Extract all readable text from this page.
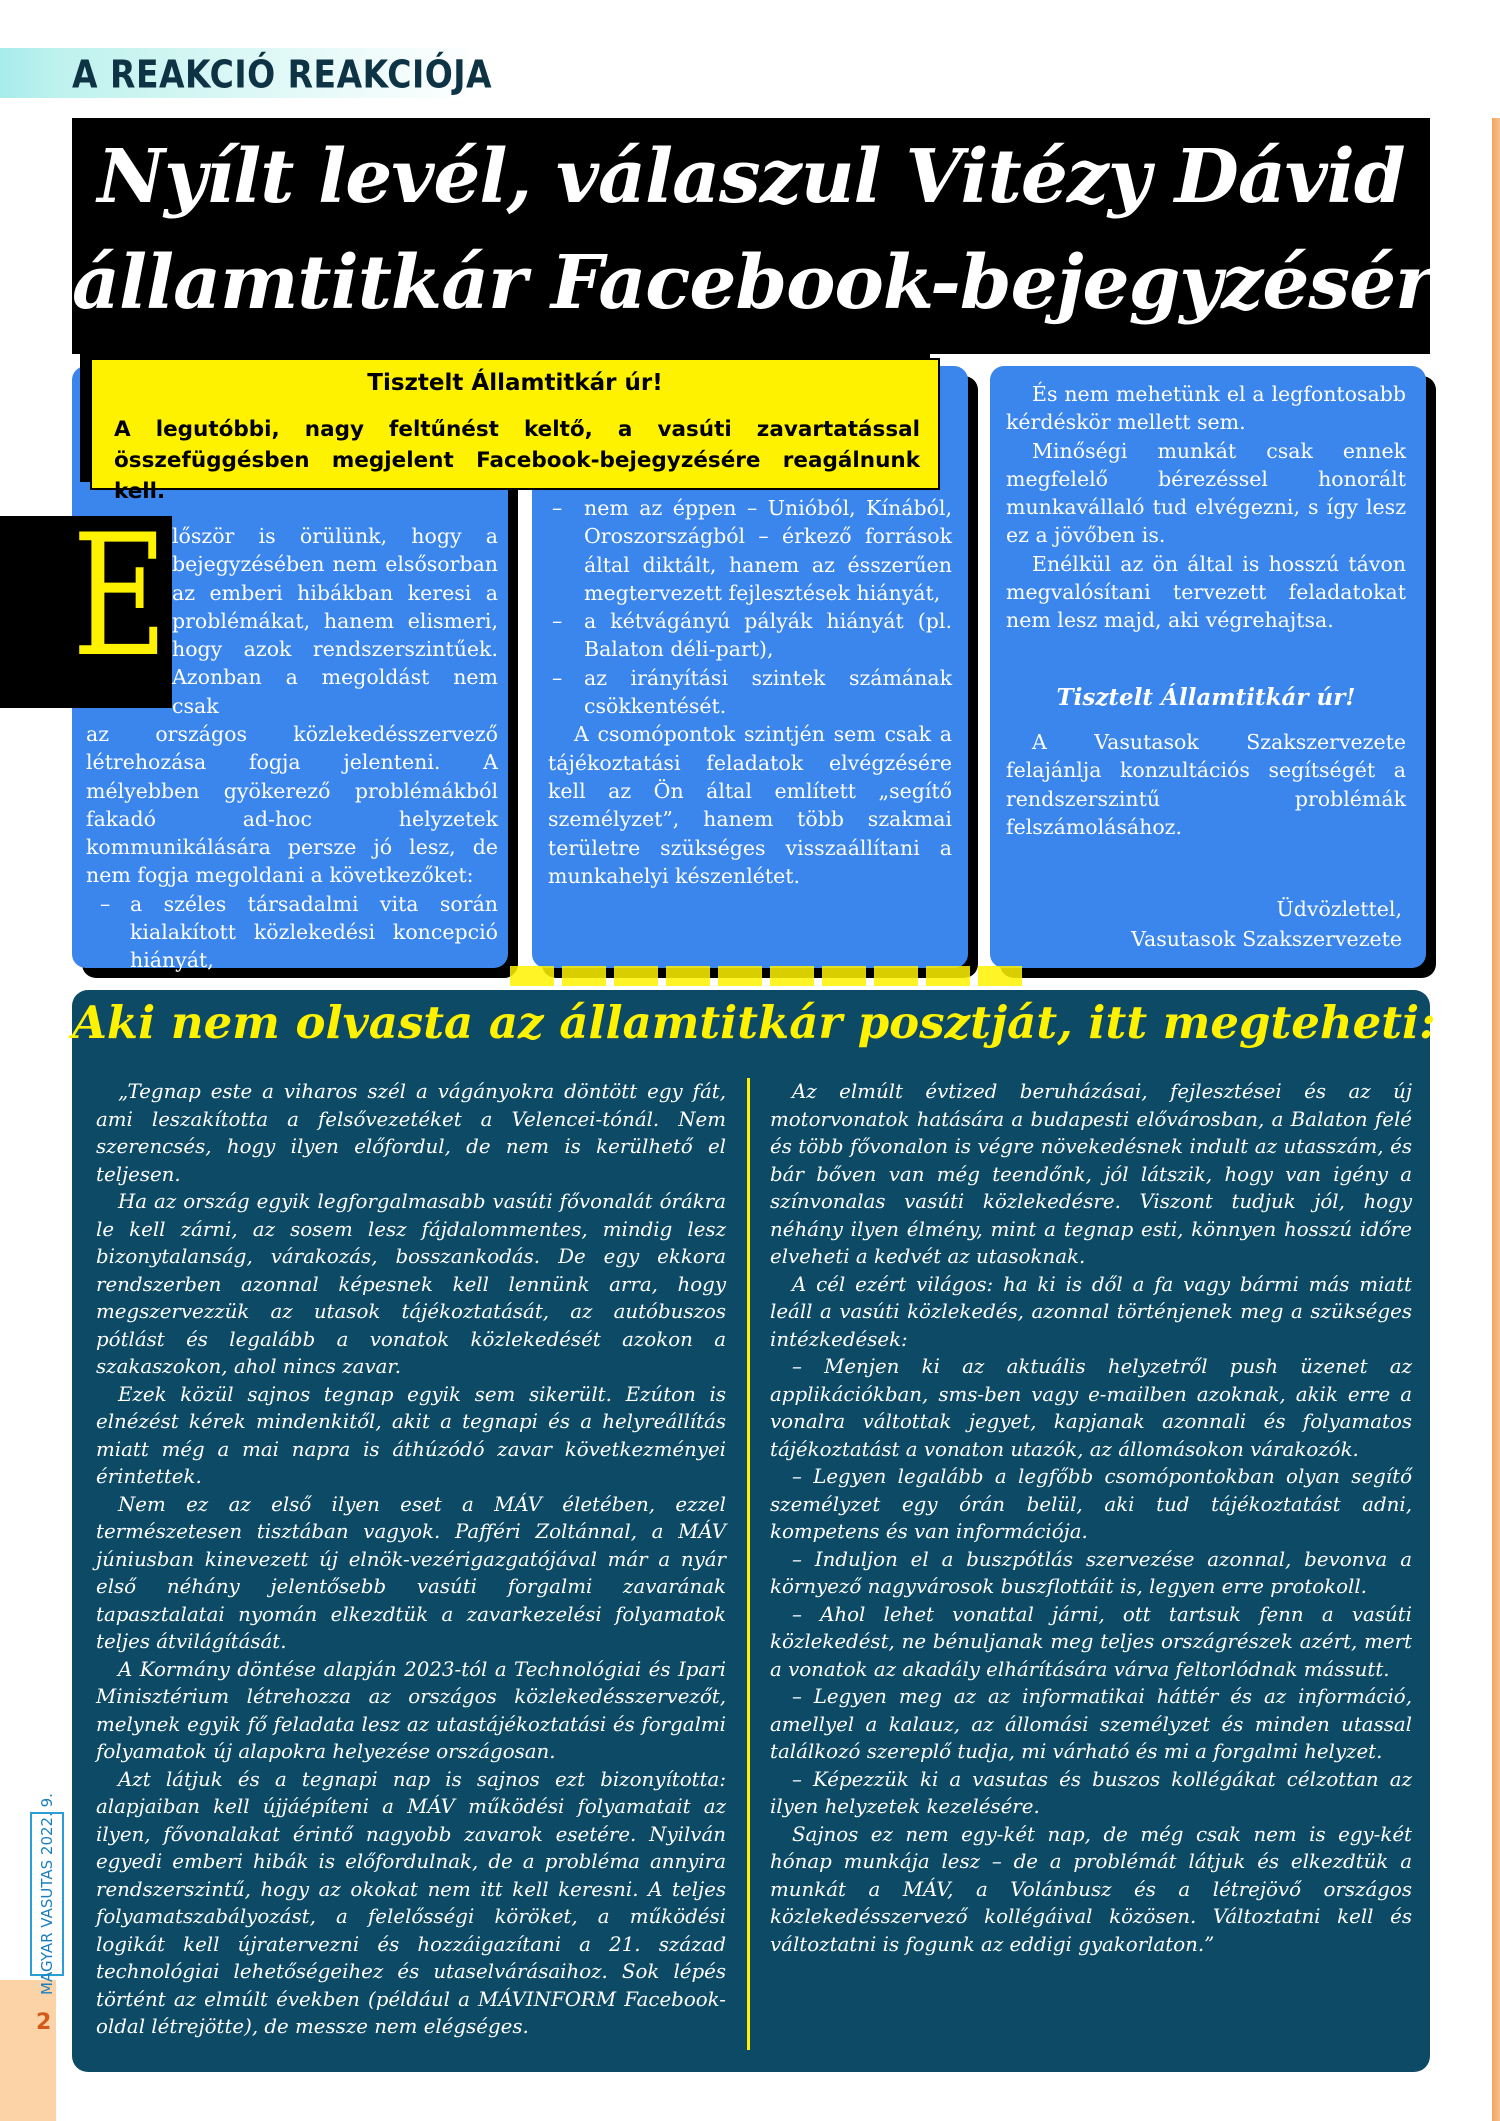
A REAKCIÓ REAKCIÓJA
2
Nyílt levél, válaszul Vitézy Dávid
államtitkár Facebook-bejegyzésére
Tisztelt Államtitkár úr!
A legutóbbi, nagy feltűnést keltő, a vasúti zavartatással összefüggésben megjelent Facebook-bejegyzésére reagálnunk kell.
E lőször is örülünk, hogy a bejegyzésében nem elsősorban az emberi hibákban keresi a problémákat, hanem elismeri, hogy azok rendszerszintűek. Azonban a megoldást nem csak

az országos közlekedésszervező létrehozása fogja jelenteni. A mélyebben gyökerező problémákból fakadó ad-hoc helyzetek kommunikálására persze jó lesz, de nem fogja megoldani a következőket:

– a széles társadalmi vita során kialakított közlekedési koncepció hiányát,

– nem az éppen – Unióból, Kínából, Oroszországból – érkező források által diktált, hanem az ésszerűen megtervezett fejlesztések hiányát,

– a kétvágányú pályák hiányát (pl. Balaton déli-part),

– az irányítási szintek számának csökkentését.

A csomópontok szintjén sem csak a tájékoztatási feladatok elvégzésére kell az Ön által említett „segítő személyzet”, hanem több szakmai területre szükséges visszaállítani a munkahelyi készenlétet.

És nem mehetünk el a legfontosabb kérdéskör mellett sem.

Minőségi munkát csak ennek megfelelő bérezéssel honorált munkavállaló tud elvégezni, s így lesz ez a jövőben is.

Enélkül az ön által is hosszú távon megvalósítani tervezett feladatokat nem lesz majd, aki végrehajtsa.

Tisztelt Államtitkár úr!

A Vasutasok Szakszervezete felajánlja konzultációs segítségét a rendszerszintű problémák felszámolásához.

Üdvözlettel,
Vasutasok Szakszervezete
Aki nem olvasta az államtitkár posztját, itt megteheti:

„Tegnap este a viharos szél a vágányokra döntött egy fát, ami leszakította a felsővezetéket a Velencei-tónál. Nem szerencsés, hogy ilyen előfordul, de nem is kerülhető el teljesen.

Ha az ország egyik legforgalmasabb vasúti fővonalát órákra le kell zárni, az sosem lesz fájdalommentes, mindig lesz bizonytalanság, várakozás, bosszankodás. De egy ekkora rendszerben azonnal képesnek kell lennünk arra, hogy megszervezzük az utasok tájékoztatását, az autóbuszos pótlást és legalább a vonatok közlekedését azokon a szakaszokon, ahol nincs zavar.

Ezek közül sajnos tegnap egyik sem sikerült. Ezúton is elnézést kérek mindenkitől, akit a tegnapi és a helyreállítás miatt még a mai napra is áthúzódó zavar következményei érintettek.

Nem ez az első ilyen eset a MÁV életében, ezzel természetesen tisztában vagyok. Pafféri Zoltánnal, a MÁV júniusban kinevezett új elnök-vezérigazgatójával már a nyár első néhány jelentősebb vasúti forgalmi zavarának tapasztalatai nyomán elkezdtük a zavarkezelési folyamatok teljes átvilágítását.

A Kormány döntése alapján 2023-tól a Technológiai és Ipari Minisztérium létrehozza az országos közlekedésszervezőt, melynek egyik fő feladata lesz az utastájékoztatási és forgalmi folyamatok új alapokra helyezése országosan.

Azt látjuk és a tegnapi nap is sajnos ezt bizonyította: alapjaiban kell újjáépíteni a MÁV működési folyamatait az ilyen, fővonalakat érintő nagyobb zavarok esetére. Nyilván egyedi emberi hibák is előfordulnak, de a probléma annyira rendszerszintű, hogy az okokat nem itt kell keresni. A teljes folyamatszabályozást, a felelősségi köröket, a működési logikát kell újratervezni és hozzáigazítani a 21. század technológiai lehetőségeihez és utaselvárásaihoz. Sok lépés történt az elmúlt években (például a MÁVINFORM Facebook-oldal létrejötte), de messze nem elégséges.

Az elmúlt évtized beruházásai, fejlesztései és az új motorvonatok hatására a budapesti elővárosban, a Balaton felé és több fővonalon is végre növekedésnek indult az utasszám, és bár bőven van még teendőnk, jól látszik, hogy van igény a színvonalas vasúti közlekedésre. Viszont tudjuk jól, hogy néhány ilyen élmény, mint a tegnap esti, könnyen hosszú időre elveheti a kedvét az utasoknak.

A cél ezért világos: ha ki is dől a fa vagy bármi más miatt leáll a vasúti közlekedés, azonnal történjenek meg a szükséges intézkedések:

– Menjen ki az aktuális helyzetről push üzenet az applikációkban, sms-ben vagy e-mailben azoknak, akik erre a vonalra váltottak jegyet, kapjanak azonnali és folyamatos tájékoztatást a vonaton utazók, az állomásokon várakozók.

– Legyen legalább a legfőbb csomópontokban olyan segítő személyzet egy órán belül, aki tud tájékoztatást adni, kompetens és van információja.

– Induljon el a buszpótlás szervezése azonnal, bevonva a környező nagyvárosok buszflottáit is, legyen erre protokoll.

– Ahol lehet vonattal járni, ott tartsuk fenn a vasúti közlekedést, ne bénuljanak meg teljes országrészek azért, mert a vonatok az akadály elhárítására várva feltorlódnak mássutt.

– Legyen meg az az informatikai háttér és az információ, amellyel a kalauz, az állomási személyzet és minden utassal találkozó szereplő tudja, mi várható és mi a forgalmi helyzet.

– Képezzük ki a vasutas és buszos kollégákat célzottan az ilyen helyzetek kezelésére.

Sajnos ez nem egy-két nap, de még csak nem is egy-két hónap munkája lesz – de a problémát látjuk és elkezdtük a munkát a MÁV, a Volánbusz és a létrejövő országos közlekedésszervező kollégáival közösen. Változtatni kell és változtatni is fogunk az eddigi gyakorlaton.”

MAGYAR VASUTAS 2022. 9.
